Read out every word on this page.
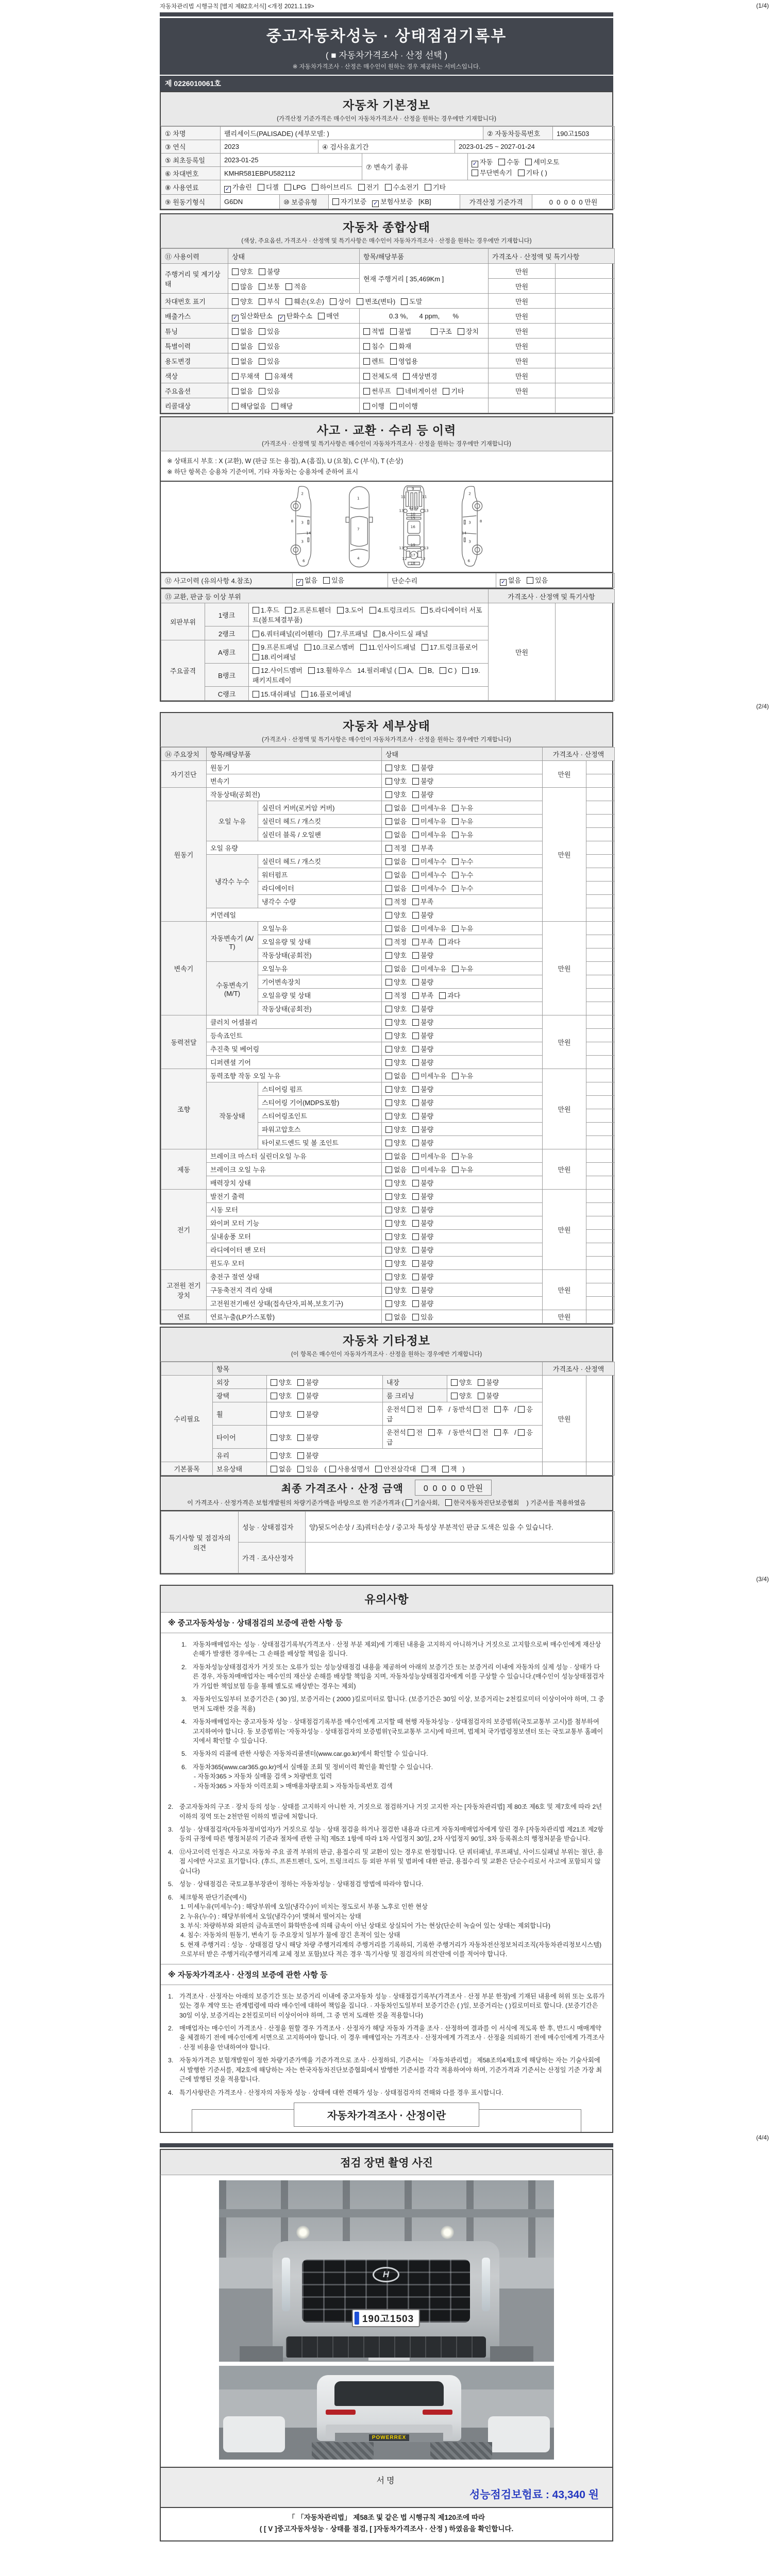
자동차관리법 시행규칙 [별지 제82호서식] <개정 2021.1.19>	(1/4)
중고자동차성능 · 상태점검기록부
( ■ 자동차가격조사 · 산정 선택 )
※ 자동차가격조사 · 산정은 매수인이 원하는 경우 제공하는 서비스입니다.
제 0226010061호
자동차 기본정보
(가격산정 기준가격은 매수인이 자동차가격조사 · 산정을 원하는 경우에만 기재합니다)
① 차명	팰리세이드(PALISADE) (세부모델: )	② 자동차등록번호	190고1503
③ 연식	2023	④ 검사유효기간	2023-01-25 ~ 2027-01-24
⑤ 최초등록일	2023-01-25	⑦ 변속기 종류	✓ 자동 수동 세미오토
무단변속기 기타 ( )

⑥ 차대번호	KMHR581EBPU582112		
⑧ 사용연료	✓ 가솔린 디젤 LPG 하이브리드 전기 수소전기 기타
⑨ 원동기형식	G6DN	⑩ 보증유형	자기보증 ✓ 보험사보증 [KB]	가격산정 기준가격	0  0  0  0  0 만원
자동차 종합상태
(색상, 주요옵션, 가격조사 · 산정액 및 특기사항은 매수인이 자동차가격조사 · 산정을 원하는 경우에만 기재합니다)
⑪ 사용이력	상태	항목/해당부품	가격조사 · 산정액 및 특기사항	
주행거리 및 계기상태	양호 불량	현재 주행거리 [ 35,469Km ]	만원	
	많음 보통 적음		만원	
차대번호 표기	양호 부식 훼손(오손) 상이 변조(변타) 도말		만원	
배출가스	✓ 일산화탄소 ✓ 탄화수소 매연	0.3 %,      4 ppm,       %	만원	
튜닝	없음 있음	적법 불법 구조 장치	만원	
특별이력	없음 있음	침수 화재	만원	
용도변경	없음 있음	렌트 영업용	만원	
색상	무채색 유채색	전체도색 색상변경	만원	
주요옵션	없음 있음	썬루프 네비게이션 기타	만원	
리콜대상	해당없음 해당	이행 미이행		
사고 · 교환 · 수리 등 이력
(가격조사 · 산정액 및 특기사항은 매수인이 자동차가격조사 · 산정을 원하는 경우에만 기재합니다)
※ 상태표시 부호 : X (교환), W (판금 또는 용접), A (흠집), U (요철), C (부식), T (손상)
※ 하단 항목은 승용차 기준이며, 기타 자동차는 승용차에 준하여 표시
2
8 3
14
3
6
1
7
4
9
11 11
12 12
13 13
10
15
16
13 13
19
12 12
17
18
2
8
3
14
3
6
⑫ 사고이력 (유의사항 4.참조)	✓ 없음 있음	단순수리	✓ 없음 있음
⑬ 교환, 판금 등 이상 부위			가격조사 · 산정액 및 특기사항	
외판부위	1랭크	1.후드 2.프론트휀더 3.도어 4.트렁크리드 5.라디에이터 서포트(볼트체결부품)	만원	
	2랭크	6.쿼터패널(리어휀더) 7.루프패널 8.사이드실 패널		
주요골격	A랭크	9.프론트패널 10.크로스멤버 11.인사이드패널 17.트렁크플로어18.리어패널		
	B랭크	12.사이드멤버 13.휠하우스 14.필러패널 ( A, B, C ) 19.패키지트레이		
	C랭크	15.대쉬패널 16.플로어패널		
(2/4)
자동차 세부상태
(가격조사 · 산정액 및 특기사항은 매수인이 자동차가격조사 · 산정을 원하는 경우에만 기재합니다)
⑭ 주요장치	항목/해당부품		상태	가격조사 · 산정액	
자기진단	원동기		양호 불량	만원	
	변속기		양호 불량		
원동기	작동상태(공회전)		양호 불량	만원	
	오일 누유	실린더 커버(로커암 커버)	없음 미세누유 누유		
		실린더 헤드 / 개스킷	없음 미세누유 누유		
		실린더 블록 / 오일팬	없음 미세누유 누유		
	오일 유량		적정 부족		
	냉각수 누수	실린더 헤드 / 개스킷	없음 미세누수 누수		
		워터펌프	없음 미세누수 누수		
		라디에이터	없음 미세누수 누수		
		냉각수 수량	적정 부족		
	커먼레일		양호 불량		
변속기	자동변속기 (A/T)	오일누유	없음 미세누유 누유	만원	
		오일유량 및 상태	적정 부족 과다		
		작동상태(공회전)	양호 불량		
	수동변속기 (M/T)	오일누유	없음 미세누유 누유		
		기어변속장치	양호 불량		
		오일유량 및 상태	적정 부족 과다		
		작동상태(공회전)	양호 불량		
동력전달	클러치 어셈블리		양호 불량	만원	
	등속죠인트		양호 불량		
	추진축 및 베어링		양호 불량		
	디퍼렌셜 기어		양호 불량		
조향	동력조향 작동 오일 누유		없음 미세누유 누유	만원	
	작동상태	스티어링 펌프	양호 불량		
		스티어링 기어(MDPS포함)	양호 불량		
		스티어링조인트	양호 불량		
		파워고압호스	양호 불량		
		타이로드엔드 및 볼 조인트	양호 불량		
제동	브레이크 마스터 실린더오일 누유		없음 미세누유 누유	만원	
	브레이크 오일 누유		없음 미세누유 누유		
	배력장치 상태		양호 불량		
전기	발전기 출력		양호 불량	만원	
	시동 모터		양호 불량		
	와이퍼 모터 기능		양호 불량		
	실내송풍 모터		양호 불량		
	라디에이터 팬 모터		양호 불량		
	윈도우 모터		양호 불량		
고전원 전기장치	충전구 절연 상태		양호 불량	만원	
	구동축전지 격리 상태		양호 불량		
	고전원전기배선 상태(접속단자,피복,보호기구)		양호 불량		
연료	연료누출(LP가스포함)		없음 있음	만원	
자동차 기타정보
(이 항목은 매수인이 자동차가격조사 · 산정을 원하는 경우에만 기재합니다)
	항목				가격조사 · 산정액	
수리필요	외장	양호 불량	내장	양호 불량	만원	
	광택	양호 불량	룸 크리닝	양호 불량		
	휠	양호 불량	운전석 전 후 / 동반석 전 후 / 응급			
	타이어	양호 불량	운전석 전 후 / 동반석 전 후 / 응급			
	유리	양호 불량				
기본품목	보유상태	없음 있음 ( 사용설명서 안전삼각대 잭 잭 )				
최종 가격조사 · 산정 금액	0  0  0  0  0 만원
이 가격조사 · 산정가격은 보험개발원의 차량기준가액을 바탕으로 한 기준가격과 ( 기술사회, 한국자동차진단보증협회 ) 기준서를 적용하였음
특기사항 및 점검자의 의견	성능 · 상태점검자	양)뒷도어손상 / 조)쿼터손상 / 중고차 특성상 부분적인 판금 도색은 있을 수 있습니다.
	가격 · 조사산정자	
(3/4)
유의사항
※ 중고자동차성능 · 상태점검의 보증에 관한 사항 등
1. 자동차매매업자는 성능 · 상태점검기록부(가격조사 · 산정 부분 제외)에 기재된 내용을 고지하지 아니하거나 거짓으로 고지함으로써 매수인에게 재산상 손해가 발생한 경우에는 그 손해를 배상할 책임을 집니다.
2. 자동차성능상태점검자가 거짓 또는 오류가 있는 성능상태점검 내용을 제공하여 아래의 보증기간 또는 보증거리 이내에 자동차의 실제 성능 · 상태가 다른 경우, 자동차매매업자는 매수인의 재산상 손해를 배상할 책임을 지며, 자동차성능상태점검자에게 이를 구상할 수 있습니다.(매수인이 성능상태점검자가 가입한 책임보험 등을 통해 별도로 배상받는 경우는 제외)
3. 자동차인도일부터 보증기간은 ( 30 )일, 보증거리는 ( 2000 )킬로미터로 합니다. (보증기간은 30일 이상, 보증거리는 2천킬로미터 이상이어야 하며, 그 중 먼저 도래한 것을 적용)
4. 자동차매매업자는 중고자동차 성능 · 상태점검기록부를 매수인에게 고지할 때 현행 자동차성능 · 상태점검자의 보증범위(국토교통부 고시)를 첨부하여 고지하여야 합니다. 동 보증범위는 '자동차성능 · 상태점검자의 보증범위'(국토교통부 고시)에 따르며, 법제처 국가법령정보센터 또는 국토교통부 홈페이지에서 확인할 수 있습니다.
5. 자동차의 리콜에 관한 사항은 자동차리콜센터(www.car.go.kr)에서 확인할 수 있습니다.
6. 자동차365(www.car365.go.kr)에서 실매물 조회 및 정비이력 확인을 확인할 수 있습니다.
- 자동차365 > 자동차 실매물 검색 > 차량번호 입력
- 자동차365 > 자동차 이력조회 > 매매용차량조회 > 자동차등록번호 검색
2. 중고자동차의 구조 · 장치 등의 성능 · 상태를 고지하지 아니한 자, 거짓으로 점검하거나 거짓 고지한 자는 [자동차관리법] 제 80조 제6호 및 제7호에 따라 2년 이하의 징역 또는 2천만원 이하의 벌금에 처합니다.
3. 성능 · 상태점검자(자동차정비업자)가 거짓으로 성능 · 상태 점검을 하거나 점검한 내용과 다르게 자동차매매업자에게 알린 경우 [자동차관리법 제21조 제2항 등의 규정에 따른 행정처분의 기준과 절차에 관한 규칙] 제5조 1항에 따라 1차 사업정지 30일, 2차 사업정지 90일, 3차 등록취소의 행정처분을 받습니다.
4. ⑫사고이력 인정은 사고로 자동차 주요 골격 부위의 판금, 용접수리 및 교환이 있는 경우로 한정합니다. 단 쿼터패널, 루프패널, 사이드실패널 부위는 절단, 용접 시에만 사고로 표기합니다. (후드, 프론트펜더, 도어, 트렁크리드 등 외판 부위 및 범퍼에 대한 판금, 용접수리 및 교환은 단순수리로서 사고에 포함되지 않습니다)
5. 성능 · 상태점검은 국토교통부장관이 정하는 자동차성능 · 상태점검 방법에 따라야 합니다.
6. 체크항목 판단기준(예시)
1. 미세누유(미세누수) : 해당부위에 오일(냉각수)이 비치는 정도로서 부품 노후로 인한 현상
2. 누유(누수) : 해당부위에서 오일(냉각수)이 맺혀서 떨어지는 상태
3. 부식: 차량하부와 외판의 금속표면이 화학반응에 의해 금속이 아닌 상태로 상실되어 가는 현상(단순히 녹슬어 있는 상태는 제외합니다)
4. 침수: 자동차의 원동기, 변속기 등 주요장치 일부가 물에 잠긴 흔적이 있는 상태
5. 현재 주행거리 : 성능 · 상태점검 당시 해당 차량 주행거리계의 주행거리를 기록하되, 기록한 주행거리가 자동차전산정보처리조직(자동차관리정보시스템)으로부터 받은 주행거리(주행거리계 교체 정보 포함)보다 적은 경우 '특기사항 및 점검자의 의견'란에 이를 적어야 합니다.
※ 자동차가격조사 · 산정의 보증에 관한 사항 등
1. 가격조사 · 산정자는 아래의 보증기간 또는 보증거리 이내에 중고자동차 성능 · 상태점검기록부(가격조사 · 산정 부분 한정)에 기재된 내용에 허위 또는 오류가 있는 경우 계약 또는 관계법령에 따라 매수인에 대하여 책임을 집니다. · 자동차인도일부터 보증기간은 ( )일, 보증거리는 ( )킬로미터로 합니다. (보증기간은 30일 이상, 보증거리는 2천킬로미터 이상이어야 하며, 그 중 먼저 도래한 것을 적용합니다)
2. 매매업자는 매수인이 가격조사 · 산정을 원할 경우 가격조사 · 산정자가 해당 자동차 가격을 조사 · 산정하여 결과를 이 서식에 적도록 한 후, 반드시 매매계약을 체결하기 전에 매수인에게 서면으로 고지하여야 합니다. 이 경우 매매업자는 가격조사 · 산정자에게 가격조사 · 산정을 의뢰하기 전에 매수인에게 가격조사 · 산정 비용을 안내하여야 합니다.
3. 자동차가격은 보험개발원이 정한 차량기준가액을 기준가격으로 조사 · 산정하되, 기준서는 「자동차관리법」 제58조의4제1호에 해당하는 자는 기술사회에서 발행한 기준서를, 제2호에 해당하는 자는 한국자동차진단보증협회에서 발행한 기준서를 각각 적용하여야 하며, 기준가격과 기준서는 산정일 기준 가장 최근에 발행된 것을 적용합니다.
4. 특기사항란은 가격조사 · 산정자의 자동차 성능 · 상태에 대한 견해가 성능 · 상태점검자의 견해와 다를 경우 표시합니다.
자동차가격조사 · 산정이란
(4/4)
점검 장면 촬영 사진
H
190고1503
POWERREX
서명
성능점검보험료 : 43,340 원
「 「자동차관리법」 제58조 및 같은 법 시행규칙 제120조에 따라
( [ V ]중고자동차성능 · 상태를 점검, [ ]자동차가격조사 · 산정 ) 하였음을 확인합니다.
